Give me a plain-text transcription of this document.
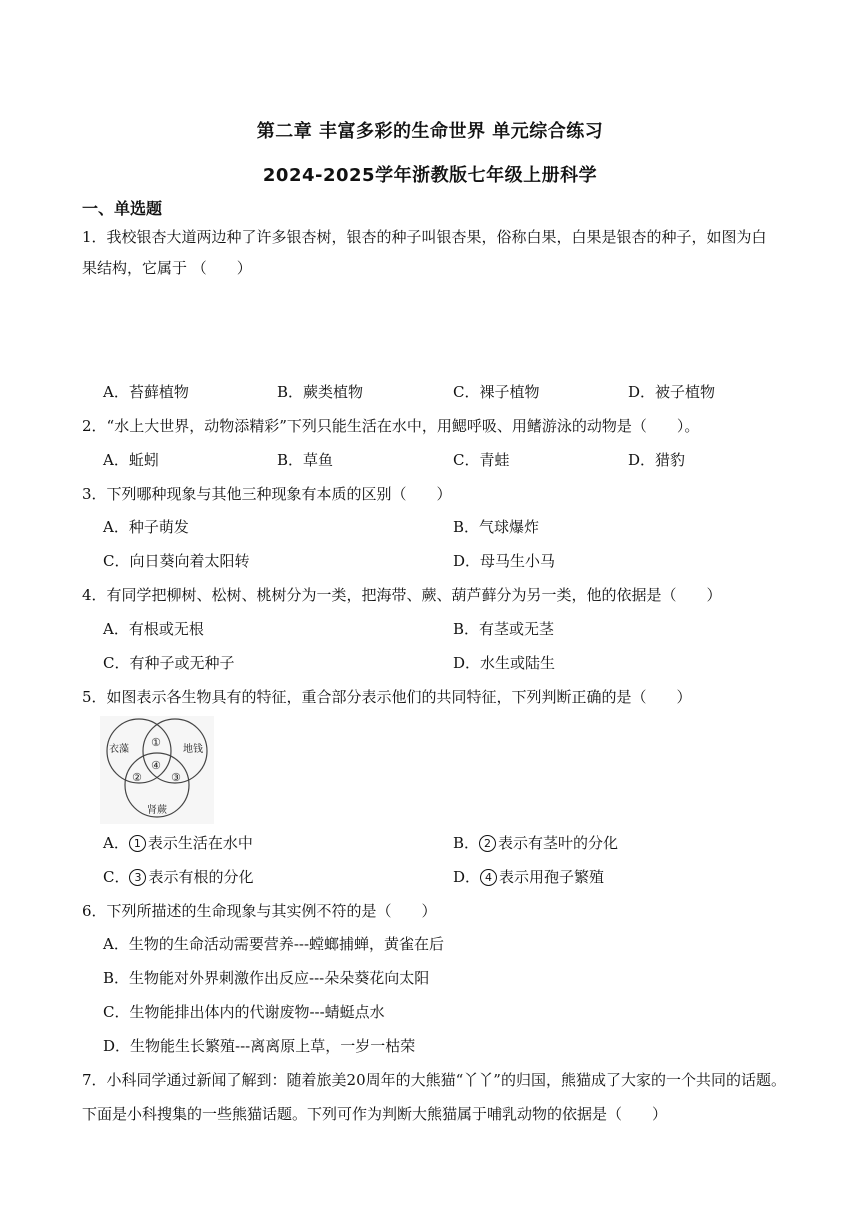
第二章 丰富多彩的生命世界 单元综合练习
2024-2025学年浙教版七年级上册科学
一、单选题
1．我校银杏大道两边种了许多银杏树，银杏的种子叫银杏果，俗称白果，白果是银杏的种子，如图为白
果结构，它属于 （　　）
A．苔藓植物	B．蕨类植物	C．裸子植物	D．被子植物
2．“水上大世界，动物添精彩”下列只能生活在水中，用鳃呼吸、用鳍游泳的动物是（　　）。
A．蚯蚓	B．草鱼	C．青蛙	D．猎豹
3．下列哪种现象与其他三种现象有本质的区别（　　）
A．种子萌发	B．气球爆炸
C．向日葵向着太阳转	D．母马生小马
4．有同学把柳树、松树、桃树分为一类，把海带、蕨、葫芦藓分为另一类，他的依据是（　　）
A．有根或无根	B．有茎或无茎
C．有种子或无种子	D．水生或陆生
5．如图表示各生物具有的特征，重合部分表示他们的共同特征，下列判断正确的是（　　）
衣藻	地钱
肾蕨
①
②	③
④
A． 1 表示生活在水中	B． 2 表示有茎叶的分化
C． 3 表示有根的分化	D． 4 表示用孢子繁殖
6．下列所描述的生命现象与其实例不符的是（　　）
A．生物的生命活动需要营养---螳螂捕蝉，黄雀在后
B．生物能对外界刺激作出反应---朵朵葵花向太阳
C．生物能排出体内的代谢废物---蜻蜓点水
D．生物能生长繁殖---离离原上草，一岁一枯荣
7．小科同学通过新闻了解到：随着旅美20周年的大熊猫“丫丫”的归国，熊猫成了大家的一个共同的话题。
下面是小科搜集的一些熊猫话题。下列可作为判断大熊猫属于哺乳动物的依据是（　　）
